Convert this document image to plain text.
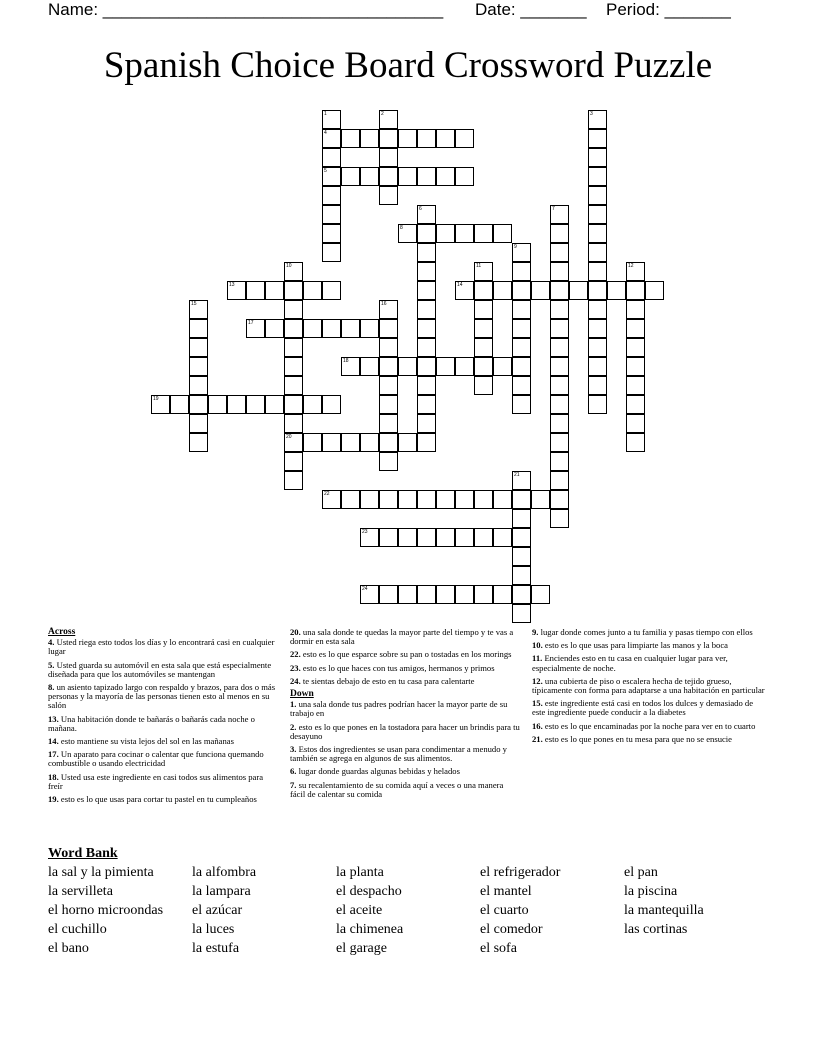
Name: ____________________________________ Date: _______ Period: _______
Spanish Choice Board Crossword Puzzle
1	2	3
4
5
6	7
8
9
10	11	12
13	14
15	16
17
18
19
20
21
22
23
24
Across
4. Usted riega esto todos los días y lo encontrará casi en cualquier lugar
5. Usted guarda su automóvil en esta sala que está especialmente diseñada para que los automóviles se mantengan
8. un asiento tapizado largo con respaldo y brazos, para dos o más personas y la mayoría de las personas tienen esto al menos en su salón
13. Una habitación donde te bañarás o bañarás cada noche o mañana.
14. esto mantiene su vista lejos del sol en las mañanas
17. Un aparato para cocinar o calentar que funciona quemando combustible o usando electricidad
18. Usted usa este ingrediente en casi todos sus alimentos para freír
19. esto es lo que usas para cortar tu pastel en tu cumpleaños
20. una sala donde te quedas la mayor parte del tiempo y te vas a dormir en esta sala
22. esto es lo que esparce sobre su pan o tostadas en los morings
23. esto es lo que haces con tus amigos, hermanos y primos
24. te sientas debajo de esto en tu casa para calentarte
Down
1. una sala donde tus padres podrían hacer la mayor parte de su trabajo en
2. esto es lo que pones en la tostadora para hacer un brindis para tu desayuno
3. Estos dos ingredientes se usan para condimentar a menudo y también se agrega en algunos de sus alimentos.
6. lugar donde guardas algunas bebidas y helados
7. su recalentamiento de su comida aquí a veces o una manera fácil de calentar su comida
9. lugar donde comes junto a tu familia y pasas tiempo con ellos
10. esto es lo que usas para limpiarte las manos y la boca
11. Enciendes esto en tu casa en cualquier lugar para ver, especialmente de noche.
12. una cubierta de piso o escalera hecha de tejido grueso, típicamente con forma para adaptarse a una habitación en particular
15. este ingrediente está casi en todos los dulces y demasiado de este ingrediente puede conducir a la diabetes
16. esto es lo que encaminadas por la noche para ver en to cuarto
21. esto es lo que pones en tu mesa para que no se ensucie
Word Bank
la sal y la pimienta
la servilleta
el horno microondas
el cuchillo
el bano
la alfombra
la lampara
el azúcar
la luces
la estufa
la planta
el despacho
el aceite
la chimenea
el garage
el refrigerador
el mantel
el cuarto
el comedor
el sofa
el pan
la piscina
la mantequilla
las cortinas
